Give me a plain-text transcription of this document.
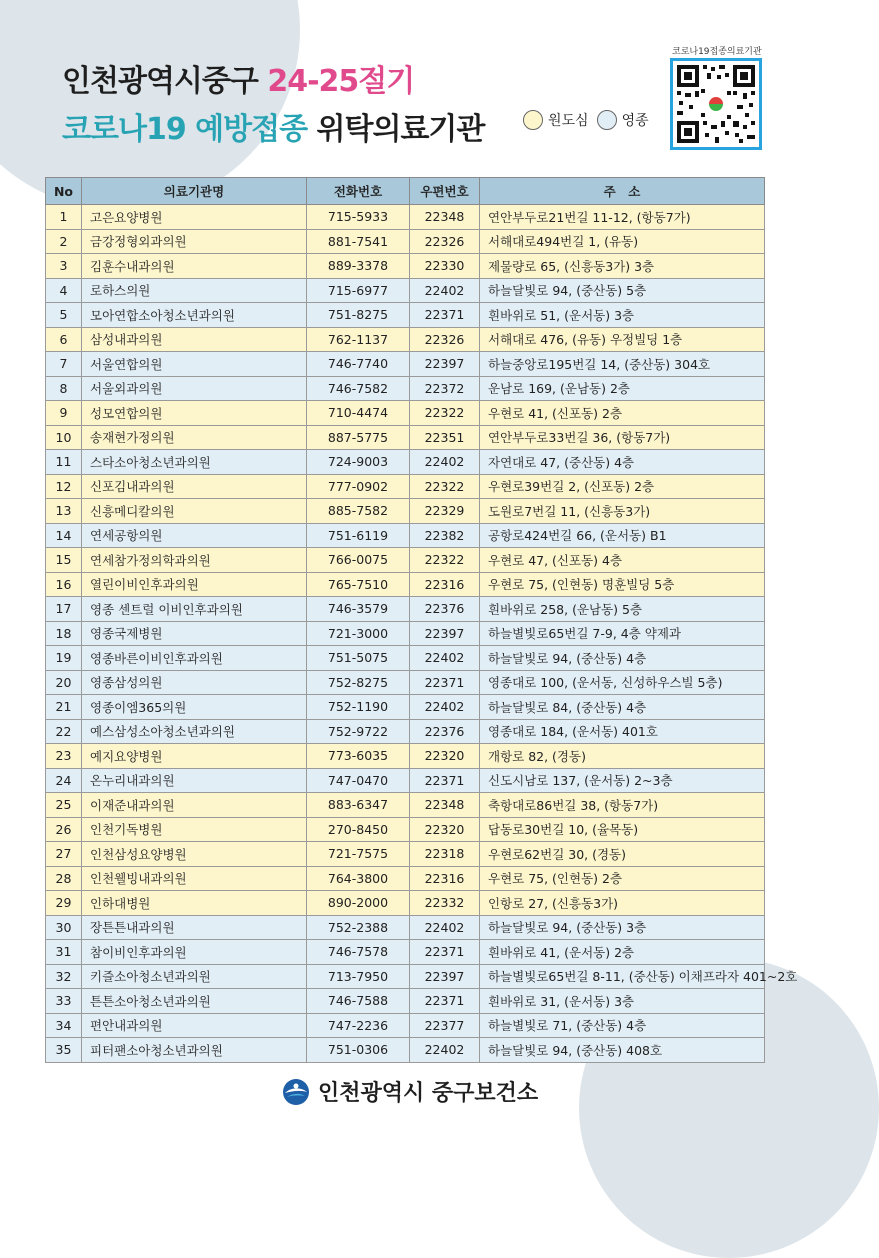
인천광역시중구 24-25절기
코로나19 예방접종 위탁의료기관	원도심 영종
코로나19접종의료기관
No	의료기관명	전화번호	우편번호	주　소
1	고은요양병원	715-5933	22348	연안부두로21번길 11-12, (항동7가)
2	금강정형외과의원	881-7541	22326	서해대로494번길 1, (유동)
3	김훈수내과의원	889-3378	22330	제물량로 65, (신흥동3가) 3층
4	로하스의원	715-6977	22402	하늘달빛로 94, (중산동) 5층
5	모아연합소아청소년과의원	751-8275	22371	흰바위로 51, (운서동) 3층
6	삼성내과의원	762-1137	22326	서해대로 476, (유동) 우정빌딩 1층
7	서울연합의원	746-7740	22397	하늘중앙로195번길 14, (중산동) 304호
8	서울외과의원	746-7582	22372	운남로 169, (운남동) 2층
9	성모연합의원	710-4474	22322	우현로 41, (신포동) 2층
10	송재현가정의원	887-5775	22351	연안부두로33번길 36, (항동7가)
11	스타소아청소년과의원	724-9003	22402	자연대로 47, (중산동) 4층
12	신포김내과의원	777-0902	22322	우현로39번길 2, (신포동) 2층
13	신흥메디칼의원	885-7582	22329	도원로7번길 11, (신흥동3가)
14	연세공항의원	751-6119	22382	공항로424번길 66, (운서동) B1
15	연세참가정의학과의원	766-0075	22322	우현로 47, (신포동) 4층
16	열린이비인후과의원	765-7510	22316	우현로 75, (인현동) 명훈빌딩 5층
17	영종 센트럴 이비인후과의원	746-3579	22376	흰바위로 258, (운남동) 5층
18	영종국제병원	721-3000	22397	하늘별빛로65번길 7-9, 4층 약제과
19	영종바른이비인후과의원	751-5075	22402	하늘달빛로 94, (중산동) 4층
20	영종삼성의원	752-8275	22371	영종대로 100, (운서동, 신성하우스빌 5층)
21	영종이엠365의원	752-1190	22402	하늘달빛로 84, (중산동) 4층
22	예스삼성소아청소년과의원	752-9722	22376	영종대로 184, (운서동) 401호
23	예지요양병원	773-6035	22320	개항로 82, (경동)
24	온누리내과의원	747-0470	22371	신도시남로 137, (운서동) 2~3층
25	이재준내과의원	883-6347	22348	축항대로86번길 38, (항동7가)
26	인천기독병원	270-8450	22320	답동로30번길 10, (율목동)
27	인천삼성요양병원	721-7575	22318	우현로62번길 30, (경동)
28	인천웰빙내과의원	764-3800	22316	우현로 75, (인현동) 2층
29	인하대병원	890-2000	22332	인항로 27, (신흥동3가)
30	장튼튼내과의원	752-2388	22402	하늘달빛로 94, (중산동) 3층
31	참이비인후과의원	746-7578	22371	흰바위로 41, (운서동) 2층
32	키즐소아청소년과의원	713-7950	22397	하늘별빛로65번길 8-11, (중산동) 이채프라자 401~2호
33	튼튼소아청소년과의원	746-7588	22371	흰바위로 31, (운서동) 3층
34	편안내과의원	747-2236	22377	하늘별빛로 71, (중산동) 4층
35	피터팬소아청소년과의원	751-0306	22402	하늘달빛로 94, (중산동) 408호
인천광역시 중구보건소
